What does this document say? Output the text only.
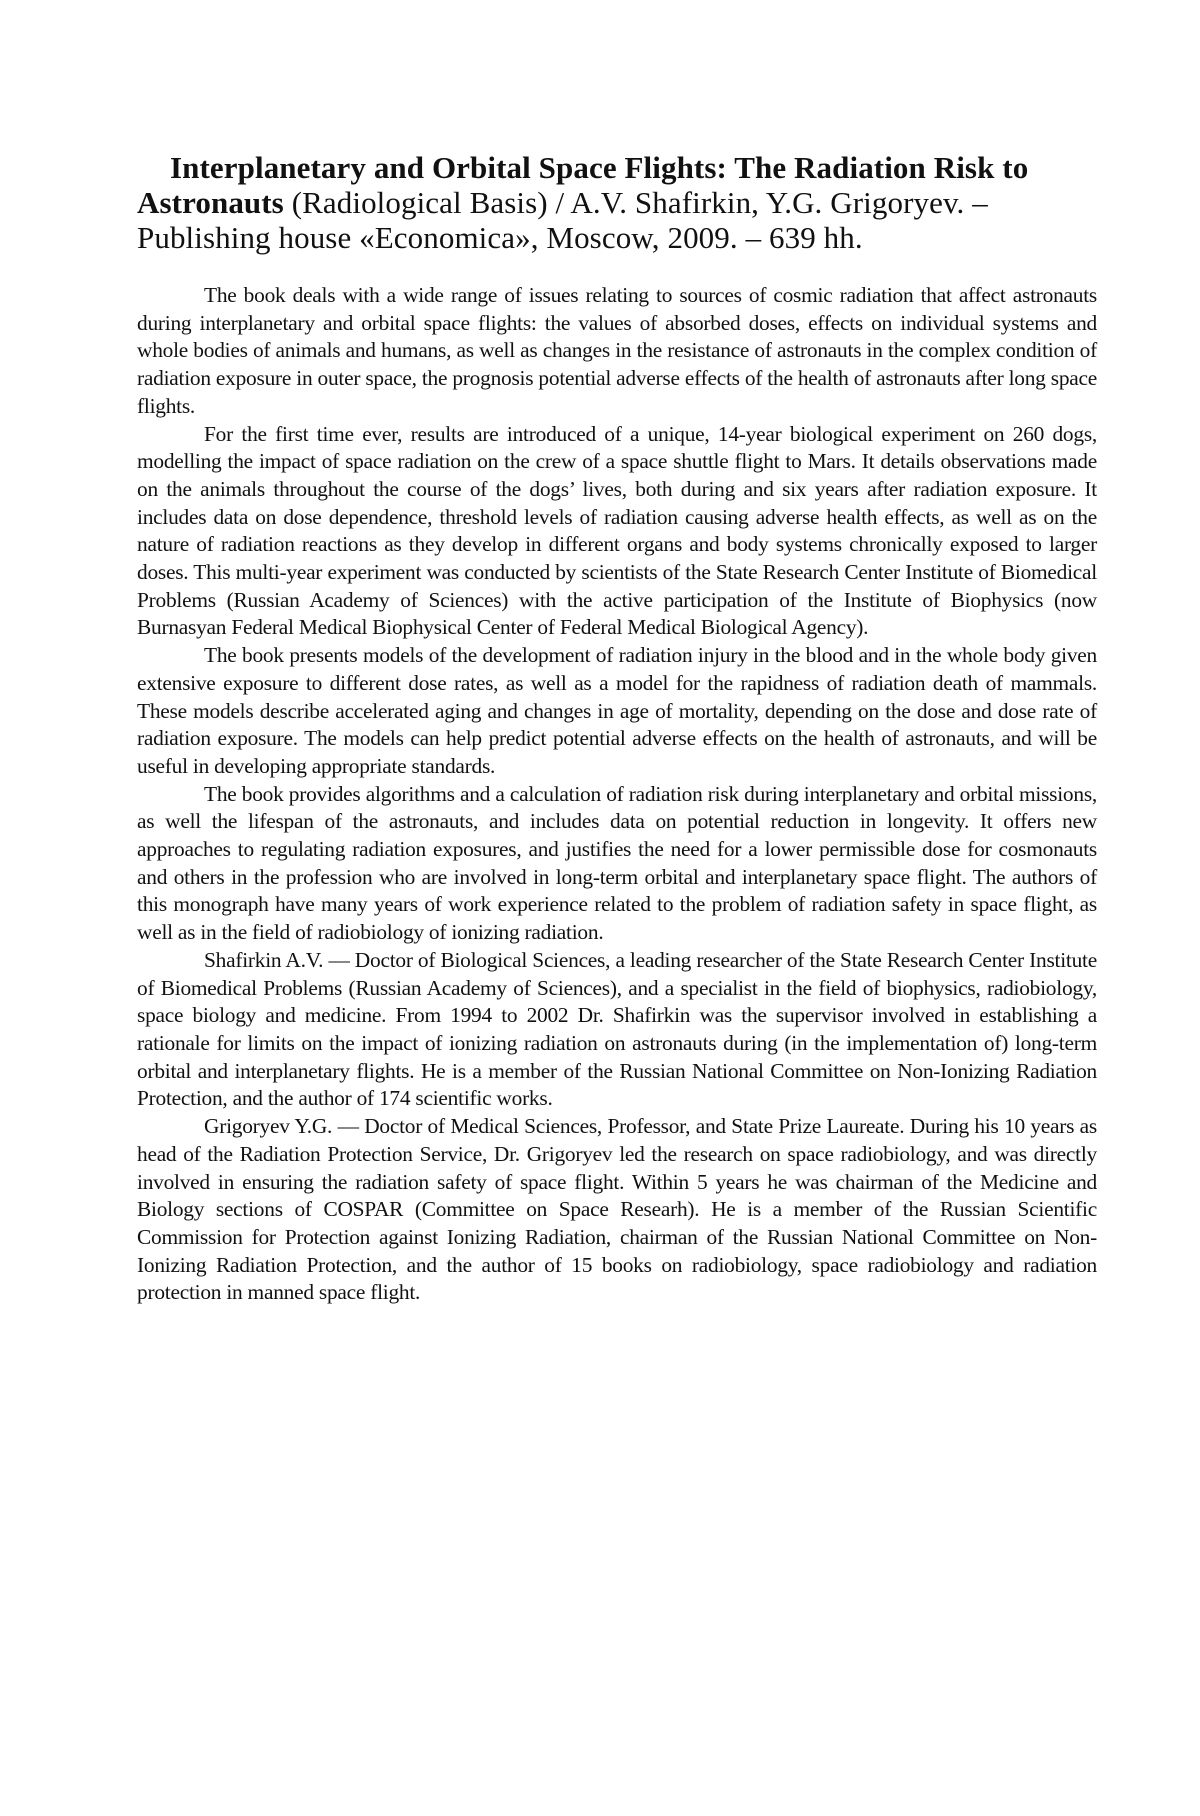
Interplanetary and Orbital Space Flights: The Radiation Risk to Astronauts (Radiological Basis) / A.V. Shafirkin, Y.G. Grigoryev. – Publishing house «Economica», Moscow, 2009. – 639 hh.

The book deals with a wide range of issues relating to sources of cosmic radiation that affect astronauts during interplanetary and orbital space flights: the values of absorbed doses, effects on individual systems and whole bodies of animals and humans, as well as changes in the resistance of astronauts in the complex condition of radiation exposure in outer space, the prognosis potential adverse effects of the health of astronauts after long space flights.

For the first time ever, results are introduced of a unique, 14-year biological experiment on 260 dogs, modelling the impact of space radiation on the crew of a space shuttle flight to Mars. It details observations made on the animals throughout the course of the dogs’ lives, both during and six years after radiation exposure. It includes data on dose dependence, threshold levels of radiation causing adverse health effects, as well as on the nature of radiation reactions as they develop in different organs and body systems chronically exposed to larger doses. This multi-year experiment was conducted by scientists of the State Research Center Institute of Biomedical Problems (Russian Academy of Sciences) with the active participation of the Institute of Biophysics (now Burnasyan Federal Medical Biophysical Center of Federal Medical Biological Agency).

The book presents models of the development of radiation injury in the blood and in the whole body given extensive exposure to different dose rates, as well as a model for the rapidness of radiation death of mammals. These models describe accelerated aging and changes in age of mortality, depending on the dose and dose rate of radiation exposure. The models can help predict potential adverse effects on the health of astronauts, and will be useful in developing appropriate standards.

The book provides algorithms and a calculation of radiation risk during interplanetary and orbital missions, as well the lifespan of the astronauts, and includes data on potential reduction in longevity. It offers new approaches to regulating radiation exposures, and justifies the need for a lower permissible dose for cosmonauts and others in the profession who are involved in long-term orbital and interplanetary space flight. The authors of this monograph have many years of work experience related to the problem of radiation safety in space flight, as well as in the field of radiobiology of ionizing radiation.

Shafirkin A.V. — Doctor of Biological Sciences, a leading researcher of the State Research Center Institute of Biomedical Problems (Russian Academy of Sciences), and a specialist in the field of biophysics, radiobiology, space biology and medicine. From 1994 to 2002 Dr. Shafirkin was the supervisor involved in establishing a rationale for limits on the impact of ionizing radiation on astronauts during (in the implementation of) long-term orbital and interplanetary flights. He is a member of the Russian National Committee on Non-Ionizing Radiation Protection, and the author of 174 scientific works.

Grigoryev Y.G. — Doctor of Medical Sciences, Professor, and State Prize Laureate. During his 10 years as head of the Radiation Protection Service, Dr. Grigoryev led the research on space radiobiology, and was directly involved in ensuring the radiation safety of space flight. Within 5 years he was chairman of the Medicine and Biology sections of COSPAR (Committee on Space Researh). He is a member of the Russian Scientific Commission for Protection against Ionizing Radiation, chairman of the Russian National Committee on Non-Ionizing Radiation Protection, and the author of 15 books on radiobiology, space radiobiology and radiation protection in manned space flight.
